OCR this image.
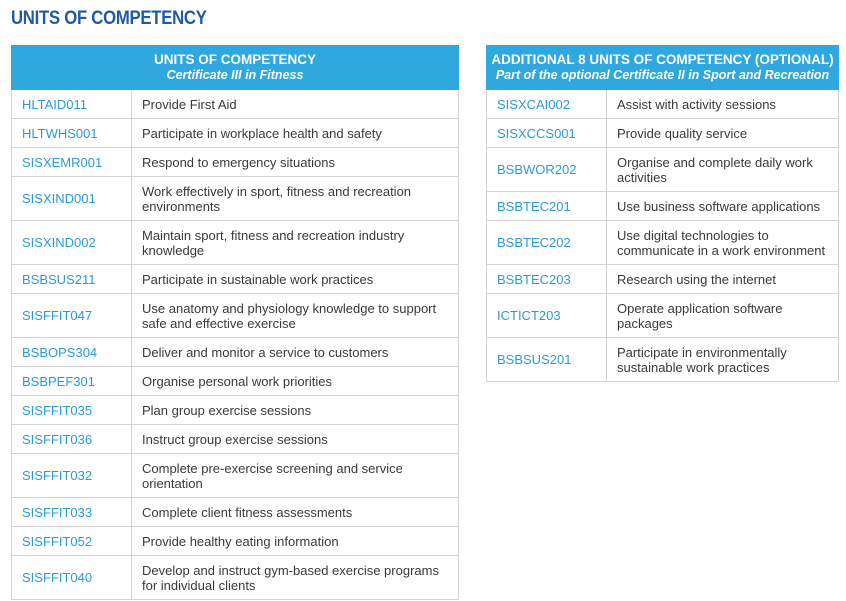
UNITS OF COMPETENCY
UNITS OF COMPETENCY
Certificate III in Fitness	

HLTAID011	Provide First Aid
HLTWHS001	Participate in workplace health and safety
SISXEMR001	Respond to emergency situations
SISXIND001	Work effectively in sport, fitness and recreation environments
SISXIND002	Maintain sport, fitness and recreation industry knowledge
BSBSUS211	Participate in sustainable work practices
SISFFIT047	Use anatomy and physiology knowledge to support safe and effective exercise
BSBOPS304	Deliver and monitor a service to customers
BSBPEF301	Organise personal work priorities
SISFFIT035	Plan group exercise sessions
SISFFIT036	Instruct group exercise sessions
SISFFIT032	Complete pre-exercise screening and service orientation
SISFFIT033	Complete client fitness assessments
SISFFIT052	Provide healthy eating information
SISFFIT040	Develop and instruct gym-based exercise programs for individual clients
ADDITIONAL 8 UNITS OF COMPETENCY (OPTIONAL)
Part of the optional Certificate II in Sport and Recreation	

SISXCAI002	Assist with activity sessions
SISXCCS001	Provide quality service
BSBWOR202	Organise and complete daily work activities
BSBTEC201	Use business software applications
BSBTEC202	Use digital technologies to communicate in a work environment
BSBTEC203	Research using the internet
ICTICT203	Operate application software packages
BSBSUS201	Participate in environmentally sustainable work practices
